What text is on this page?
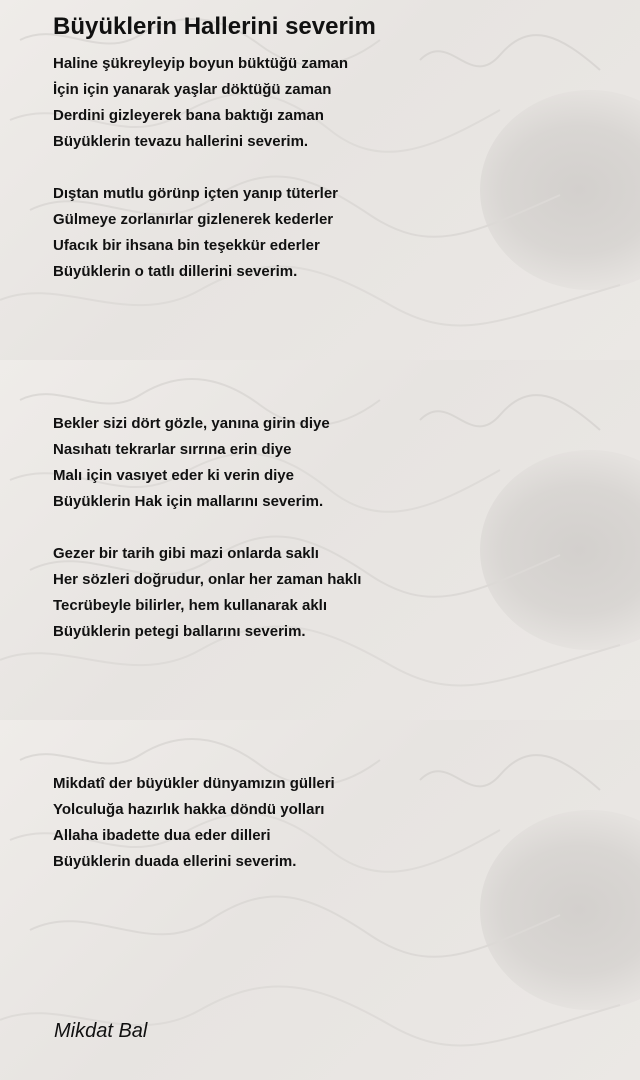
Büyüklerin Hallerini severim
Haline şükreyleyip boyun büktüğü zaman
İçin için yanarak yaşlar döktüğü zaman
Derdini gizleyerek bana baktığı zaman
Büyüklerin tevazu hallerini severim.
Dıştan mutlu görünp içten yanıp tüterler
Gülmeye zorlanırlar gizlenerek kederler
Ufacık bir ihsana bin teşekkür ederler
Büyüklerin o tatlı dillerini severim.
Bekler sizi dört gözle, yanına girin diye
Nasıhatı tekrarlar sırrına erin diye
Malı için vasıyet eder ki verin diye
Büyüklerin Hak için mallarını severim.
Gezer bir tarih gibi mazi onlarda saklı
Her sözleri doğrudur, onlar her zaman haklı
Tecrübeyle bilirler, hem kullanarak aklı
Büyüklerin petegi ballarını severim.
Mikdatî der büyükler dünyamızın gülleri
Yolculuğa hazırlık hakka döndü yolları
Allaha ibadette dua eder dilleri
Büyüklerin duada ellerini severim.
Mikdat Bal
